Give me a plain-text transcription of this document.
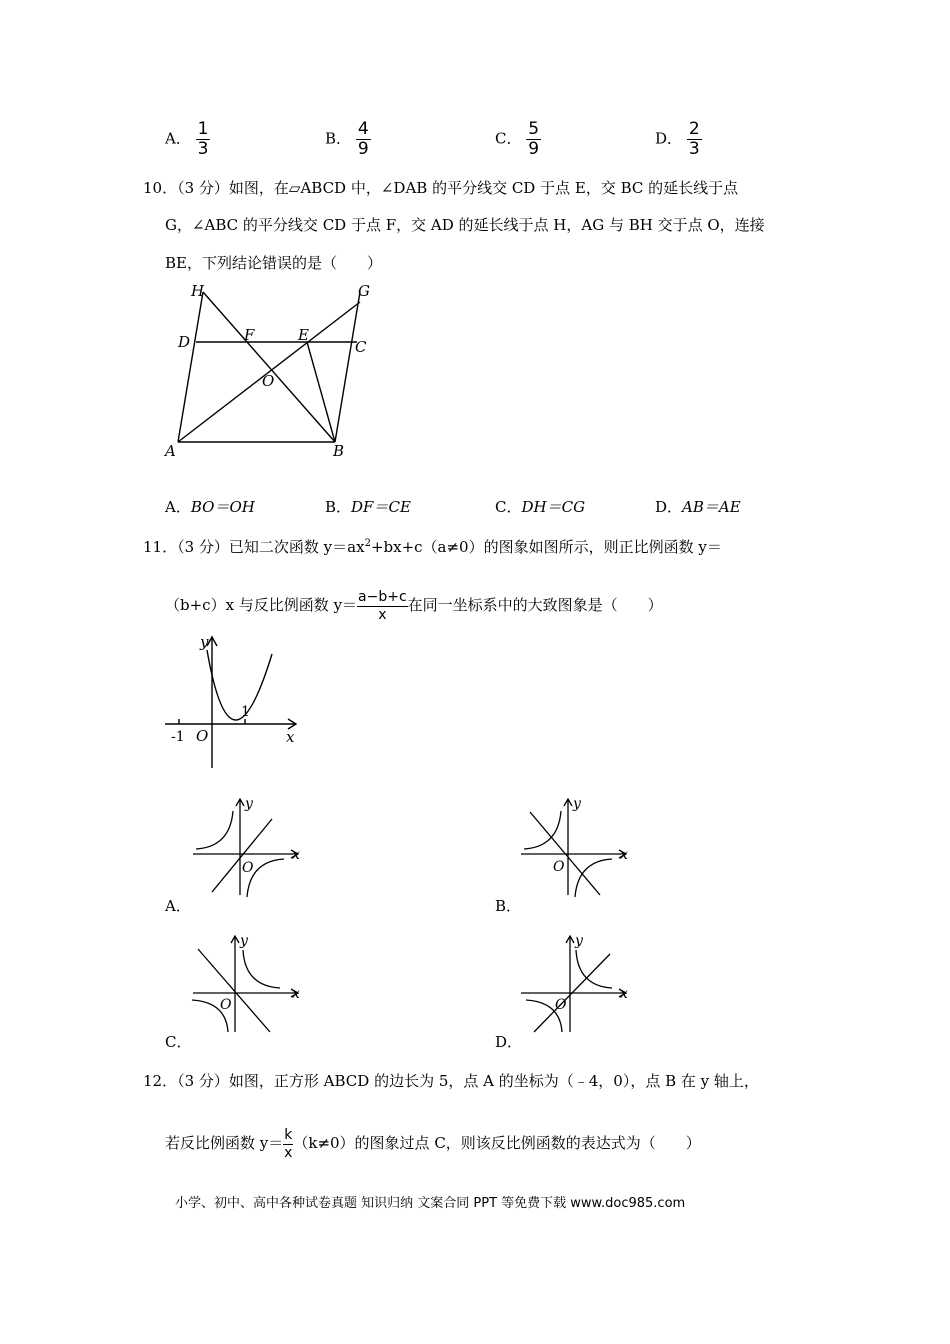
A． $\frac{1}{3}$	B． $\frac{4}{9}$	C． $\frac{5}{9}$	D． $\frac{2}{3}$
10．（3 分）如图，在▱ABCD 中，∠DAB 的平分线交 CD 于点 E，交 BC 的延长线于点
G，∠ABC 的平分线交 CD 于点 F，交 AD 的延长线于点 H，AG 与 BH 交于点 O，连接
BE，下列结论错误的是（　　）
H	G
D	F	E
C
O
A	B
A．BO＝OH	B．DF＝CE	C．DH＝CG	D．AB＝AE
11．（3 分）已知二次函数 $y=ax^2+bx+c(a\ne 0)$的图象如图所示，则正比例函数 y＝
（b+c）x 与反比例函数 $y= \frac{a-b+c}{x}$ 在同一坐标系中的大致图象是（　　）
y
x
-1 O
1
y
x
O
A．
y
x
O
B．
y
x
O
C．
y
x
O
D．
12．（3 分）如图，正方形 ABCD 的边长为 5，点 A 的坐标为（﹣4，0），点 B 在 y 轴上，
若反比例函数 $y= \frac{k}{x} (k\ne 0)$的图象过点 C，则该反比例函数的表达式为（　　）
小学、初中、高中各种试卷真题 知识归纳 文案合同 PPT 等免费下载 www.doc985.com
